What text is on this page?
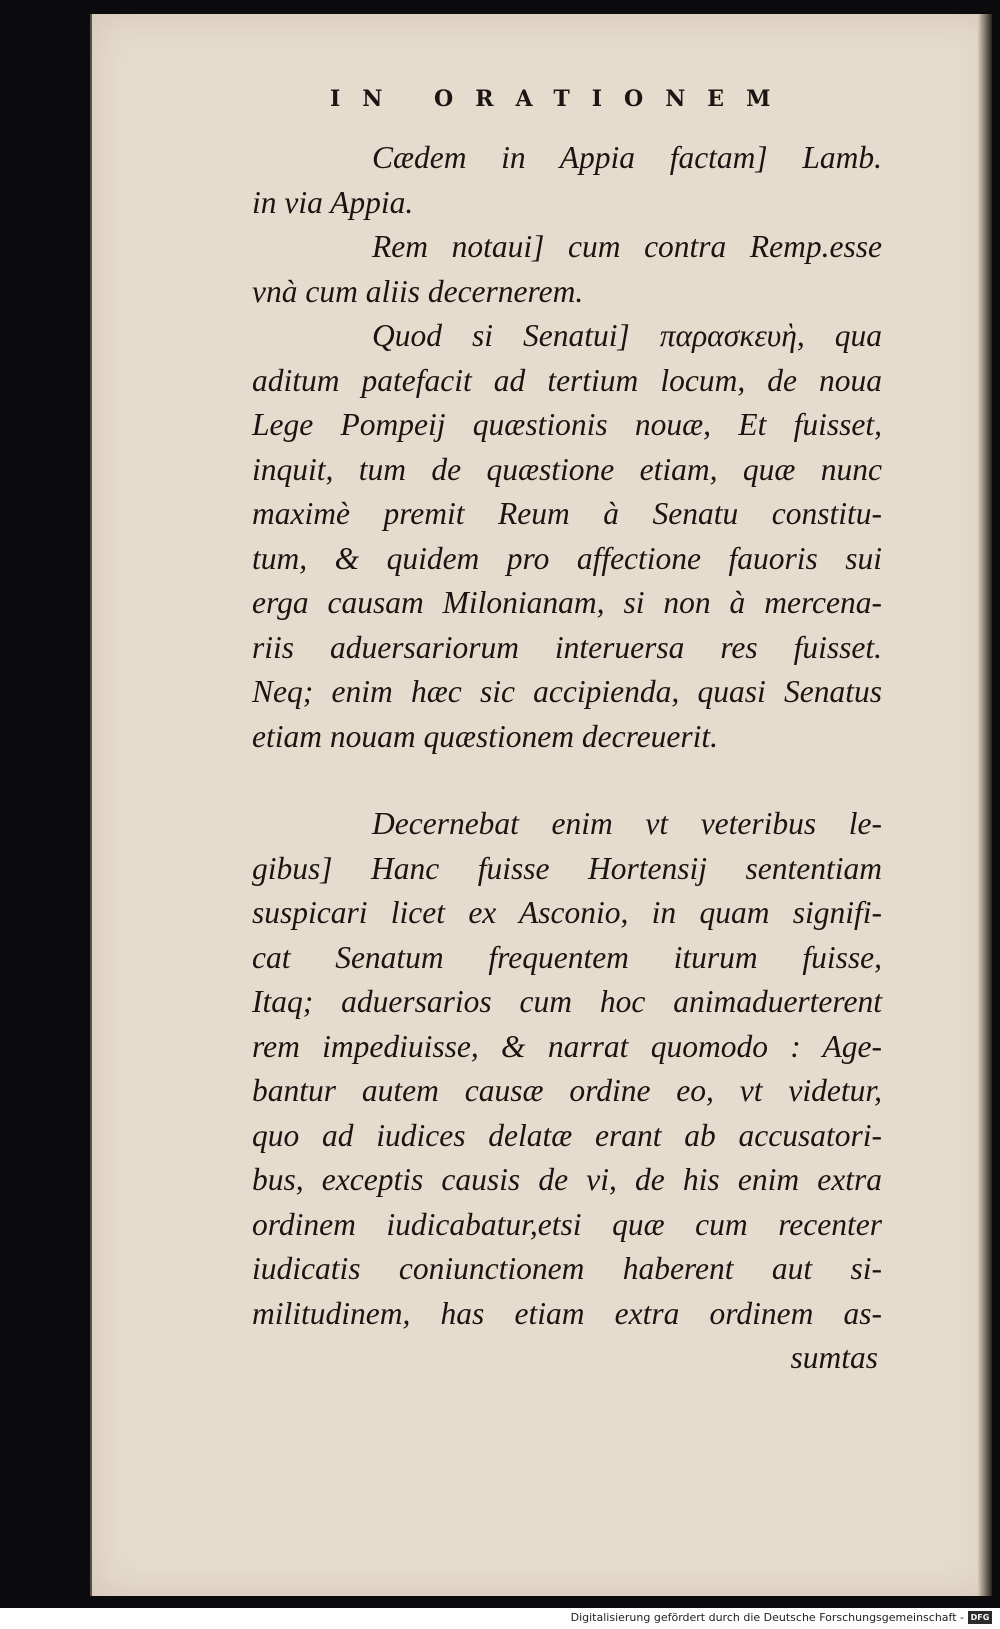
IN ORATIONEM
Cædem in Appia factam] Lamb.
in via Appia.
Rem notaui] cum contra Remp.esse
vnà cum aliis decernerem.
Quod si Senatui] παρασκευὴ, qua
aditum patefacit ad tertium locum, de noua
Lege Pompeij quæstionis nouæ, Et fuisset,
inquit, tum de quæstione etiam, quæ nunc
maximè premit Reum à Senatu constitu-
tum, & quidem pro affectione fauoris sui
erga causam Milonianam, si non à mercena-
riis aduersariorum interuersa res fuisset.
Neq; enim hæc sic accipienda, quasi Senatus
etiam nouam quæstionem decreuerit.
Decernebat enim vt veteribus le-
gibus] Hanc fuisse Hortensij sententiam
suspicari licet ex Asconio, in quam signifi-
cat Senatum frequentem iturum fuisse,
Itaq; aduersarios cum hoc animaduerterent
rem impediuisse, & narrat quomodo : Age-
bantur autem causæ ordine eo, vt videtur,
quo ad iudices delatæ erant ab accusatori-
bus, exceptis causis de vi, de his enim extra
ordinem iudicabatur,etsi quæ cum recenter
iudicatis coniunctionem haberent aut si-
militudinem, has etiam extra ordinem as-
sumtas
Digitalisierung gefördert durch die Deutsche Forschungsgemeinschaft - DFG
